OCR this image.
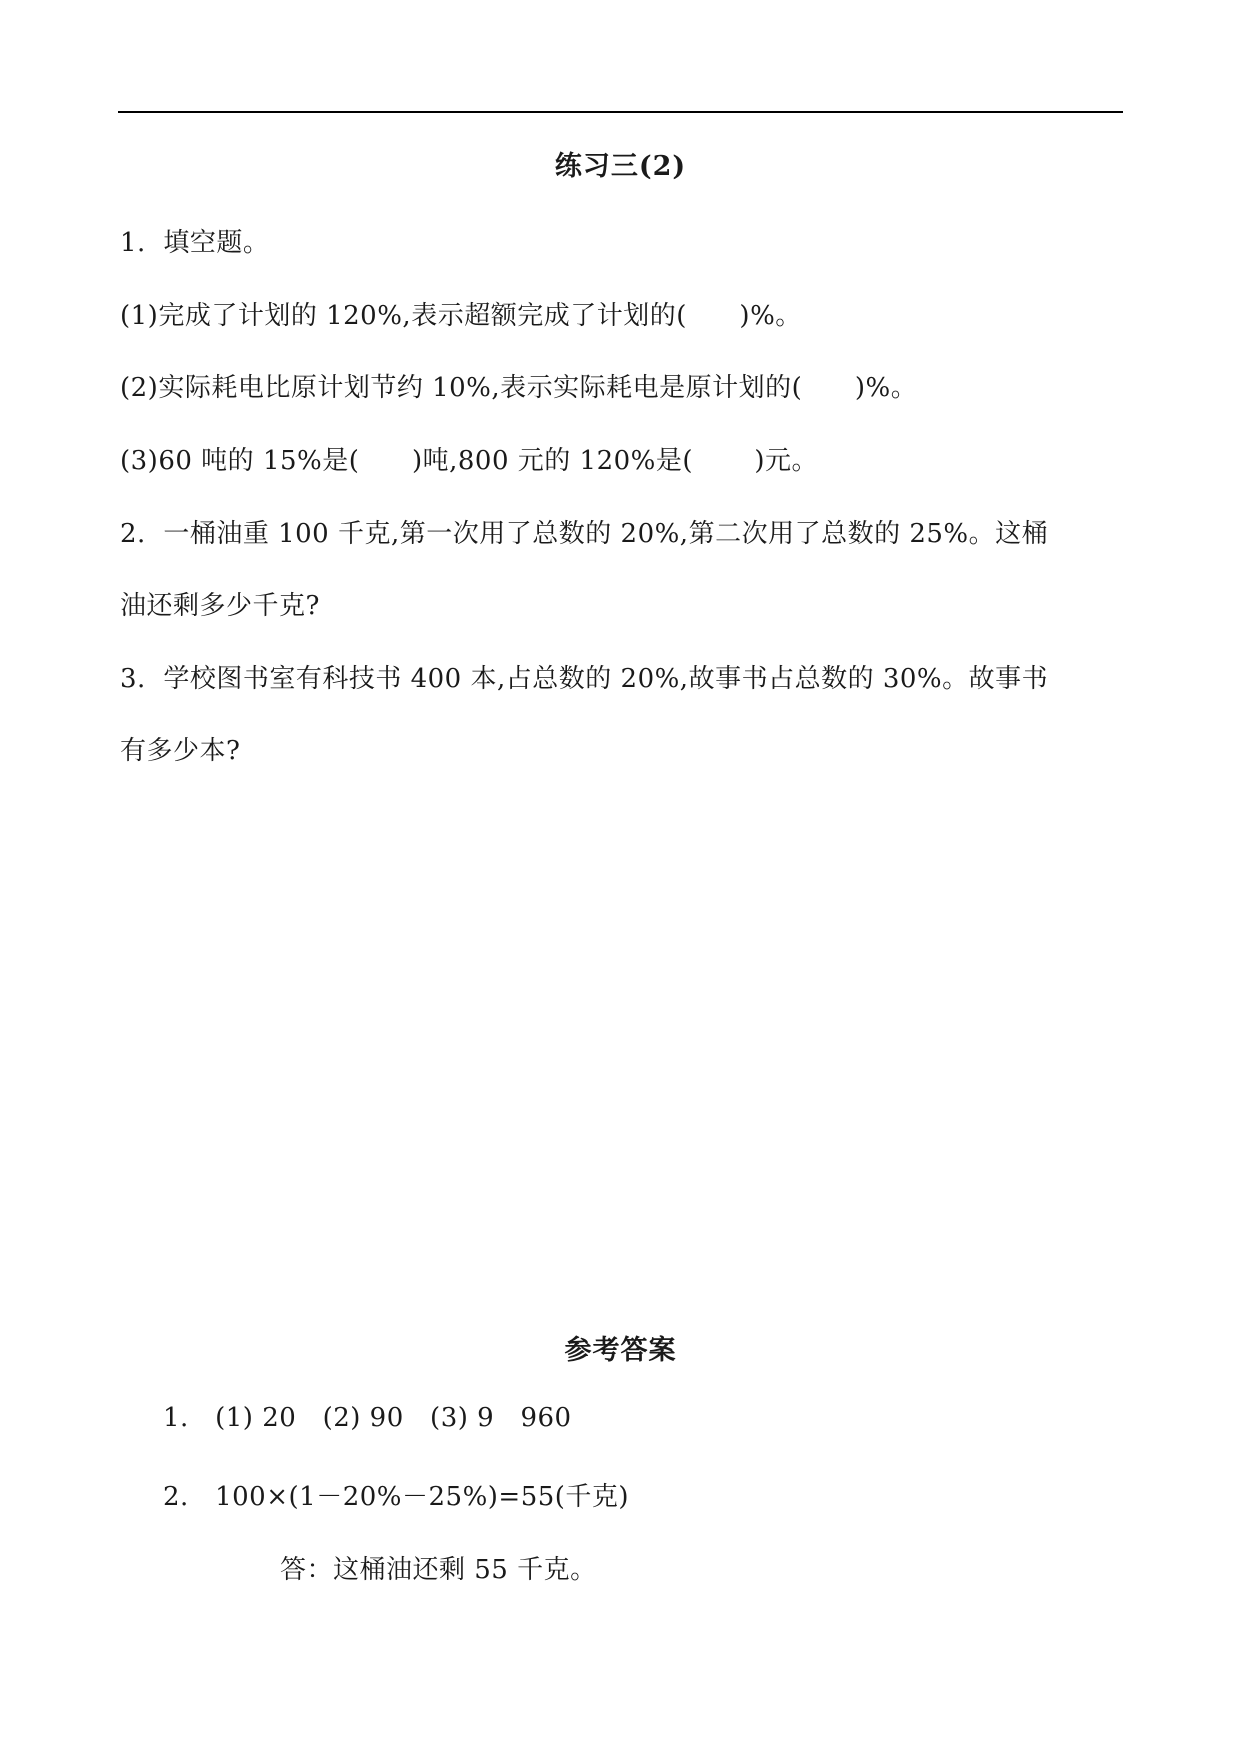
练习三(2)
1.  填空题。
(1)完成了计划的 120%,表示超额完成了计划的(      )%。
(2)实际耗电比原计划节约 10%,表示实际耗电是原计划的(      )%。
(3)60 吨的 15%是(      )吨,800 元的 120%是(       )元。
2.  一桶油重 100 千克,第一次用了总数的 20%,第二次用了总数的 25%。这桶
油还剩多少千克?
3.  学校图书室有科技书 400 本,占总数的 20%,故事书占总数的 30%。故事书
有多少本?
参考答案
1.   (1) 20   (2) 90   (3) 9   960
2.   100×(1－20%－25%)=55(千克)
答：这桶油还剩 55 千克。
